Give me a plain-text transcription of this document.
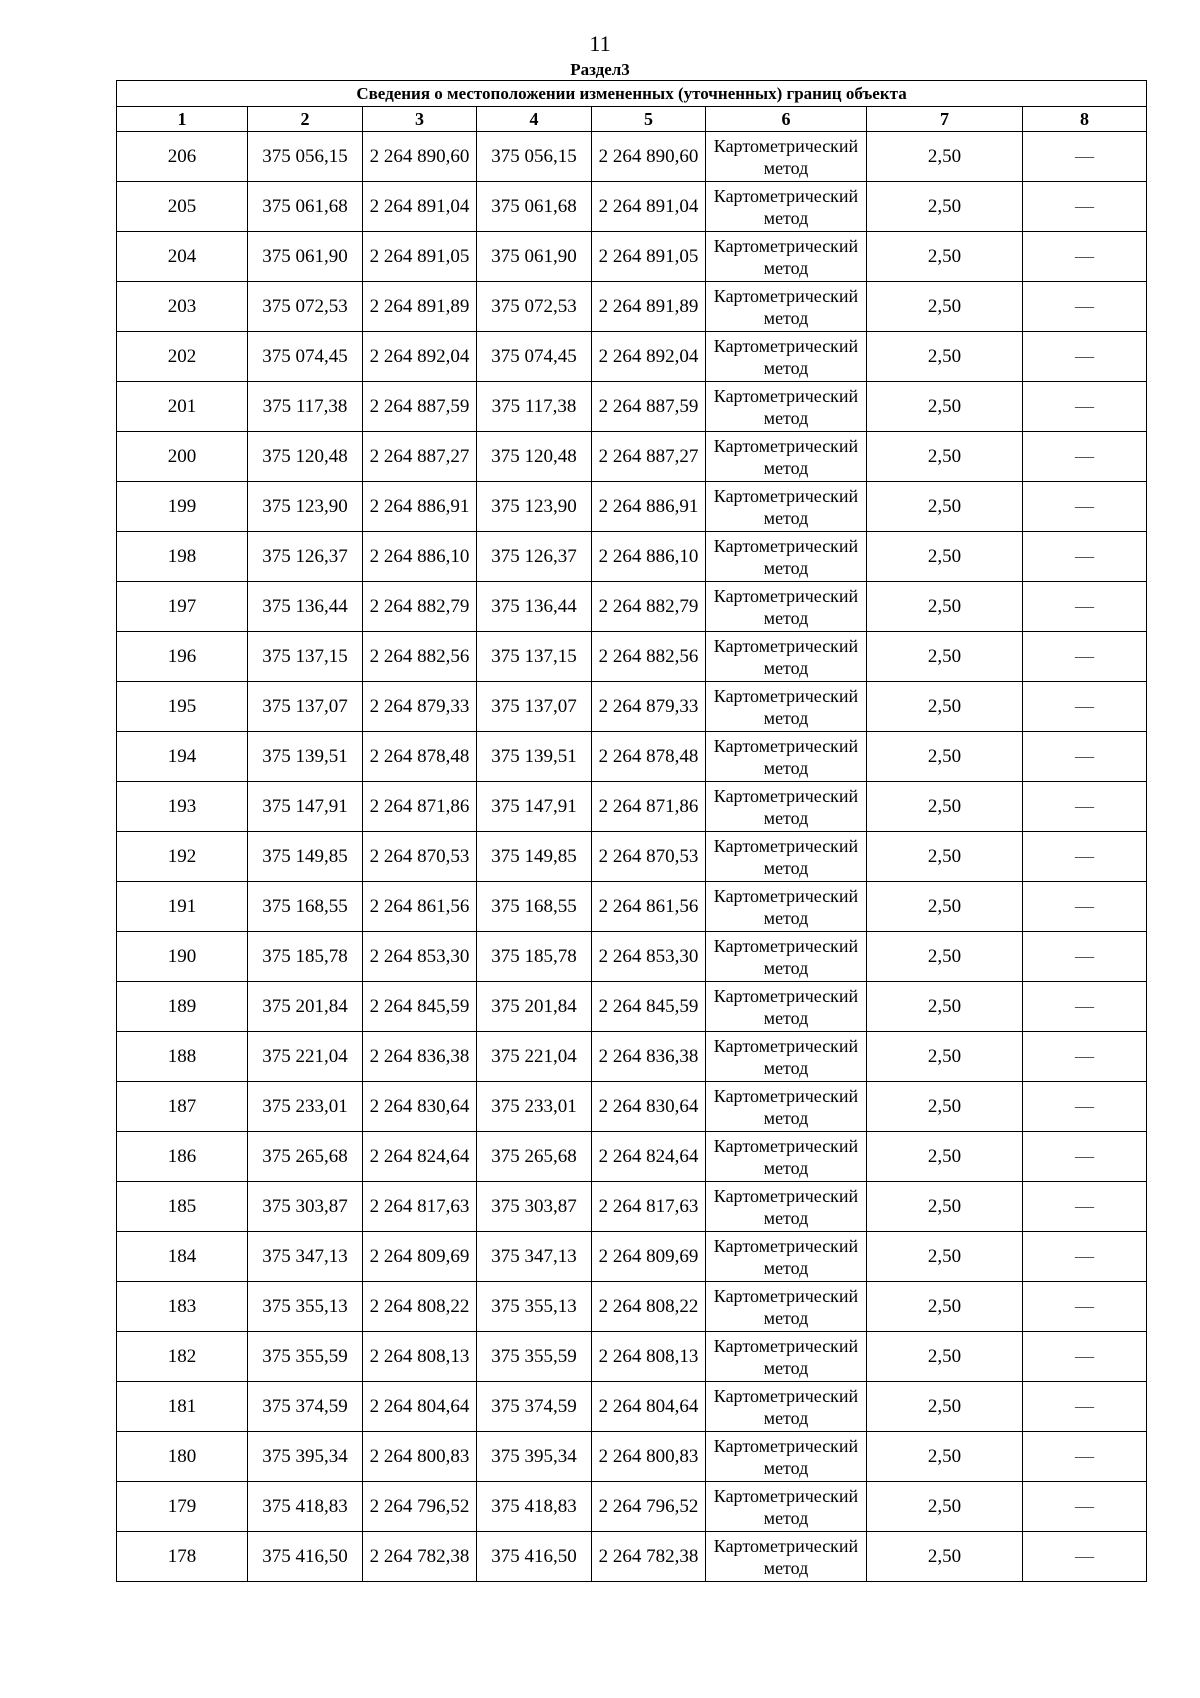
11
Раздел3
Сведения о местоположении измененных (уточненных) границ объекта							
1	2	3	4	5	6	7	8
206	375 056,15	2 264 890,60	375 056,15	2 264 890,60	Картометрический метод	2,50	—
205	375 061,68	2 264 891,04	375 061,68	2 264 891,04	Картометрический метод	2,50	—
204	375 061,90	2 264 891,05	375 061,90	2 264 891,05	Картометрический метод	2,50	—
203	375 072,53	2 264 891,89	375 072,53	2 264 891,89	Картометрический метод	2,50	—
202	375 074,45	2 264 892,04	375 074,45	2 264 892,04	Картометрический метод	2,50	—
201	375 117,38	2 264 887,59	375 117,38	2 264 887,59	Картометрический метод	2,50	—
200	375 120,48	2 264 887,27	375 120,48	2 264 887,27	Картометрический метод	2,50	—
199	375 123,90	2 264 886,91	375 123,90	2 264 886,91	Картометрический метод	2,50	—
198	375 126,37	2 264 886,10	375 126,37	2 264 886,10	Картометрический метод	2,50	—
197	375 136,44	2 264 882,79	375 136,44	2 264 882,79	Картометрический метод	2,50	—
196	375 137,15	2 264 882,56	375 137,15	2 264 882,56	Картометрический метод	2,50	—
195	375 137,07	2 264 879,33	375 137,07	2 264 879,33	Картометрический метод	2,50	—
194	375 139,51	2 264 878,48	375 139,51	2 264 878,48	Картометрический метод	2,50	—
193	375 147,91	2 264 871,86	375 147,91	2 264 871,86	Картометрический метод	2,50	—
192	375 149,85	2 264 870,53	375 149,85	2 264 870,53	Картометрический метод	2,50	—
191	375 168,55	2 264 861,56	375 168,55	2 264 861,56	Картометрический метод	2,50	—
190	375 185,78	2 264 853,30	375 185,78	2 264 853,30	Картометрический метод	2,50	—
189	375 201,84	2 264 845,59	375 201,84	2 264 845,59	Картометрический метод	2,50	—
188	375 221,04	2 264 836,38	375 221,04	2 264 836,38	Картометрический метод	2,50	—
187	375 233,01	2 264 830,64	375 233,01	2 264 830,64	Картометрический метод	2,50	—
186	375 265,68	2 264 824,64	375 265,68	2 264 824,64	Картометрический метод	2,50	—
185	375 303,87	2 264 817,63	375 303,87	2 264 817,63	Картометрический метод	2,50	—
184	375 347,13	2 264 809,69	375 347,13	2 264 809,69	Картометрический метод	2,50	—
183	375 355,13	2 264 808,22	375 355,13	2 264 808,22	Картометрический метод	2,50	—
182	375 355,59	2 264 808,13	375 355,59	2 264 808,13	Картометрический метод	2,50	—
181	375 374,59	2 264 804,64	375 374,59	2 264 804,64	Картометрический метод	2,50	—
180	375 395,34	2 264 800,83	375 395,34	2 264 800,83	Картометрический метод	2,50	—
179	375 418,83	2 264 796,52	375 418,83	2 264 796,52	Картометрический метод	2,50	—
178	375 416,50	2 264 782,38	375 416,50	2 264 782,38	Картометрический метод	2,50	—
